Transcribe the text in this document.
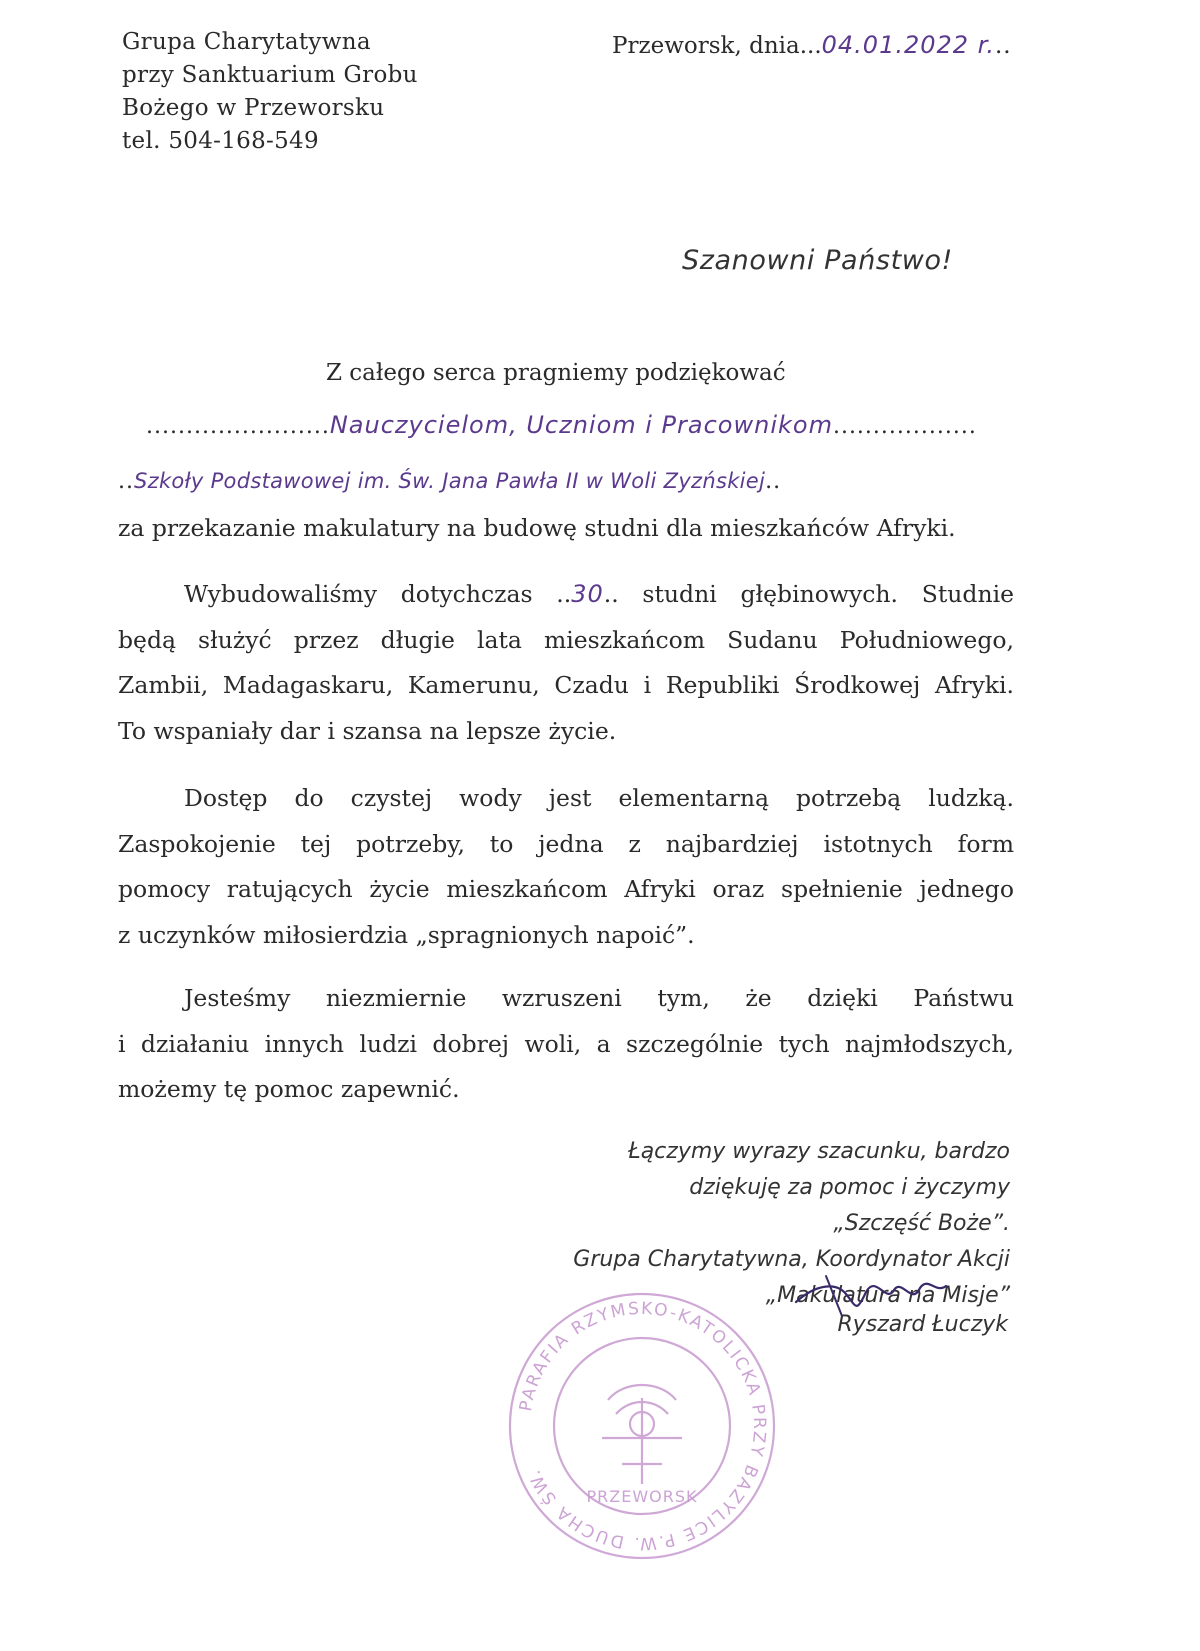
Grupa Charytatywna
przy Sanktuarium Grobu
Bożego w Przeworsku
tel. 504-168-549
Przeworsk, dnia...04.01.2022 r...
Szanowni Państwo!
Z całego serca pragniemy podziękować
.......................Nauczycielom, Uczniom i Pracownikom..................
..Szkoły Podstawowej im. Św. Jana Pawła II w Woli Zyzńskiej..

za przekazanie makulatury na budowę studni dla mieszkańców Afryki.

Wybudowaliśmy dotychczas ..30.. studni głębinowych. Studnie

będą służyć przez długie lata mieszkańcom Sudanu Południowego,

Zambii, Madagaskaru, Kamerunu, Czadu i Republiki Środkowej Afryki.

To wspaniały dar i szansa na lepsze życie.

Dostęp do czystej wody jest elementarną potrzebą ludzką.

Zaspokojenie tej potrzeby, to jedna z najbardziej istotnych form

pomocy ratujących życie mieszkańcom Afryki oraz spełnienie jednego

z uczynków miłosierdzia „spragnionych napoić”.

Jesteśmy niezmiernie wzruszeni tym, że dzięki Państwu

i działaniu innych ludzi dobrej woli, a szczególnie tych najmłodszych,

możemy tę pomoc zapewnić.

Łączymy wyrazy szacunku, bardzo
dziękuję za pomoc i życzymy
„Szczęść Boże”.
Grupa Charytatywna, Koordynator Akcji
„Makulatura na Misje”
Ryszard Łuczyk
PARAFIA RZYMSKO-KATOLICKA PRZY BAZYLICE P.W. DUCHA ŚW.
PRZEWORSK
